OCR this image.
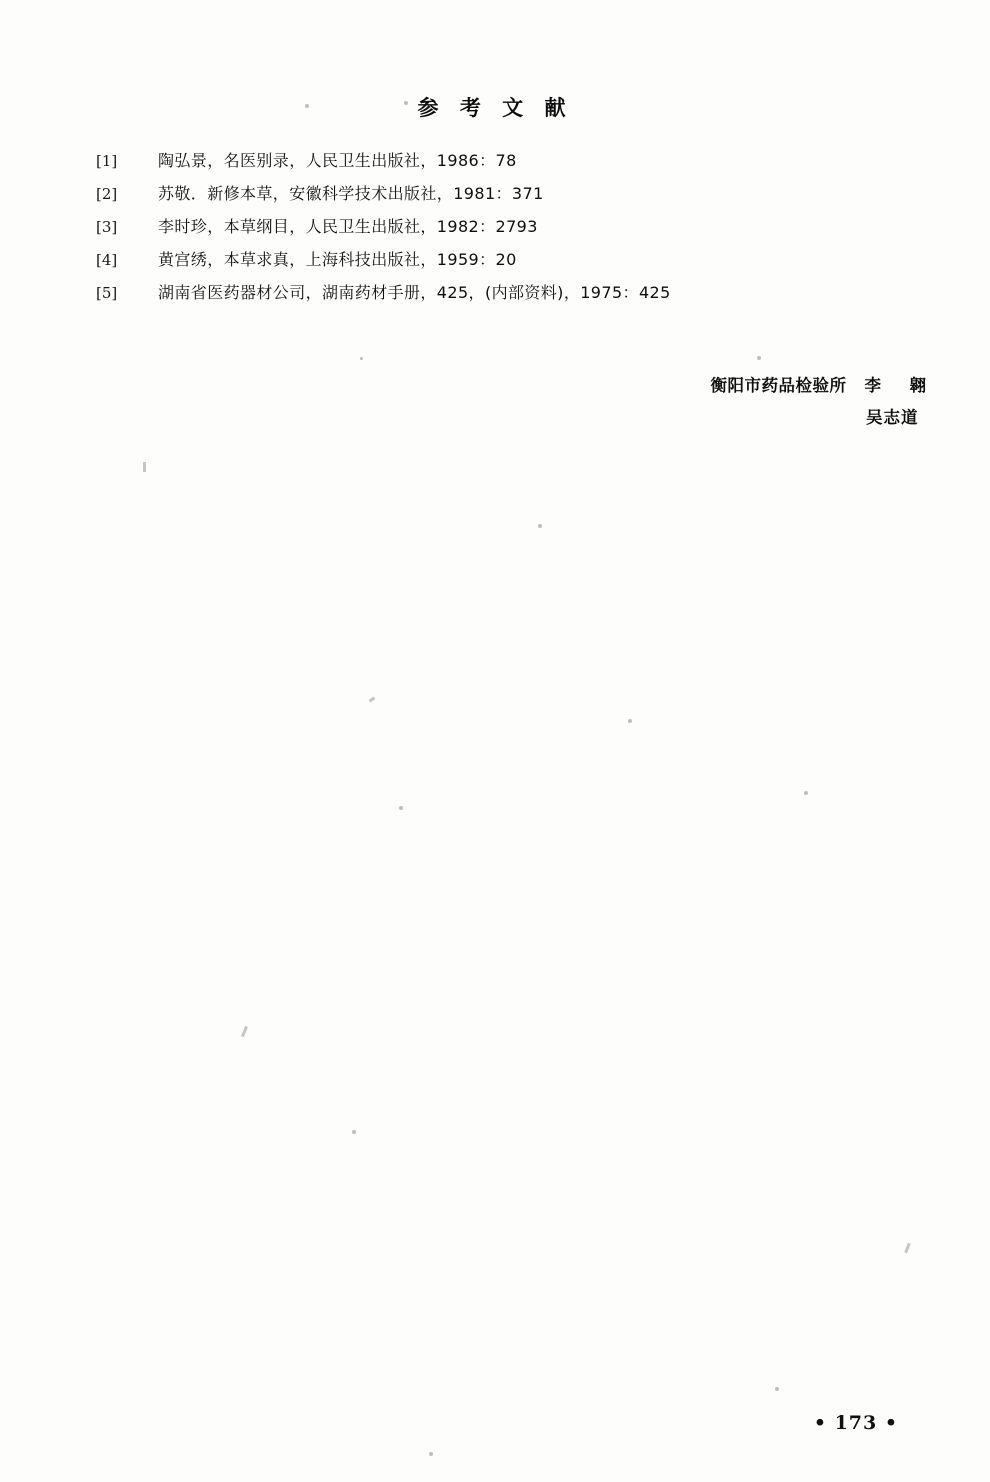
参 考 文 献
[1]	陶弘景，名医别录，人民卫生出版社，1986：78
[2]	苏敬．新修本草，安徽科学技术出版社，1981：371
[3]	李时珍，本草纲目，人民卫生出版社，1982：2793
[4]	黄宫绣，本草求真，上海科技出版社，1959：20
[5]	湖南省医药器材公司，湖南药材手册，425，(内部资料)，1975：425
衡阳市药品检验所 李　翱
吴志道
• 173 •
